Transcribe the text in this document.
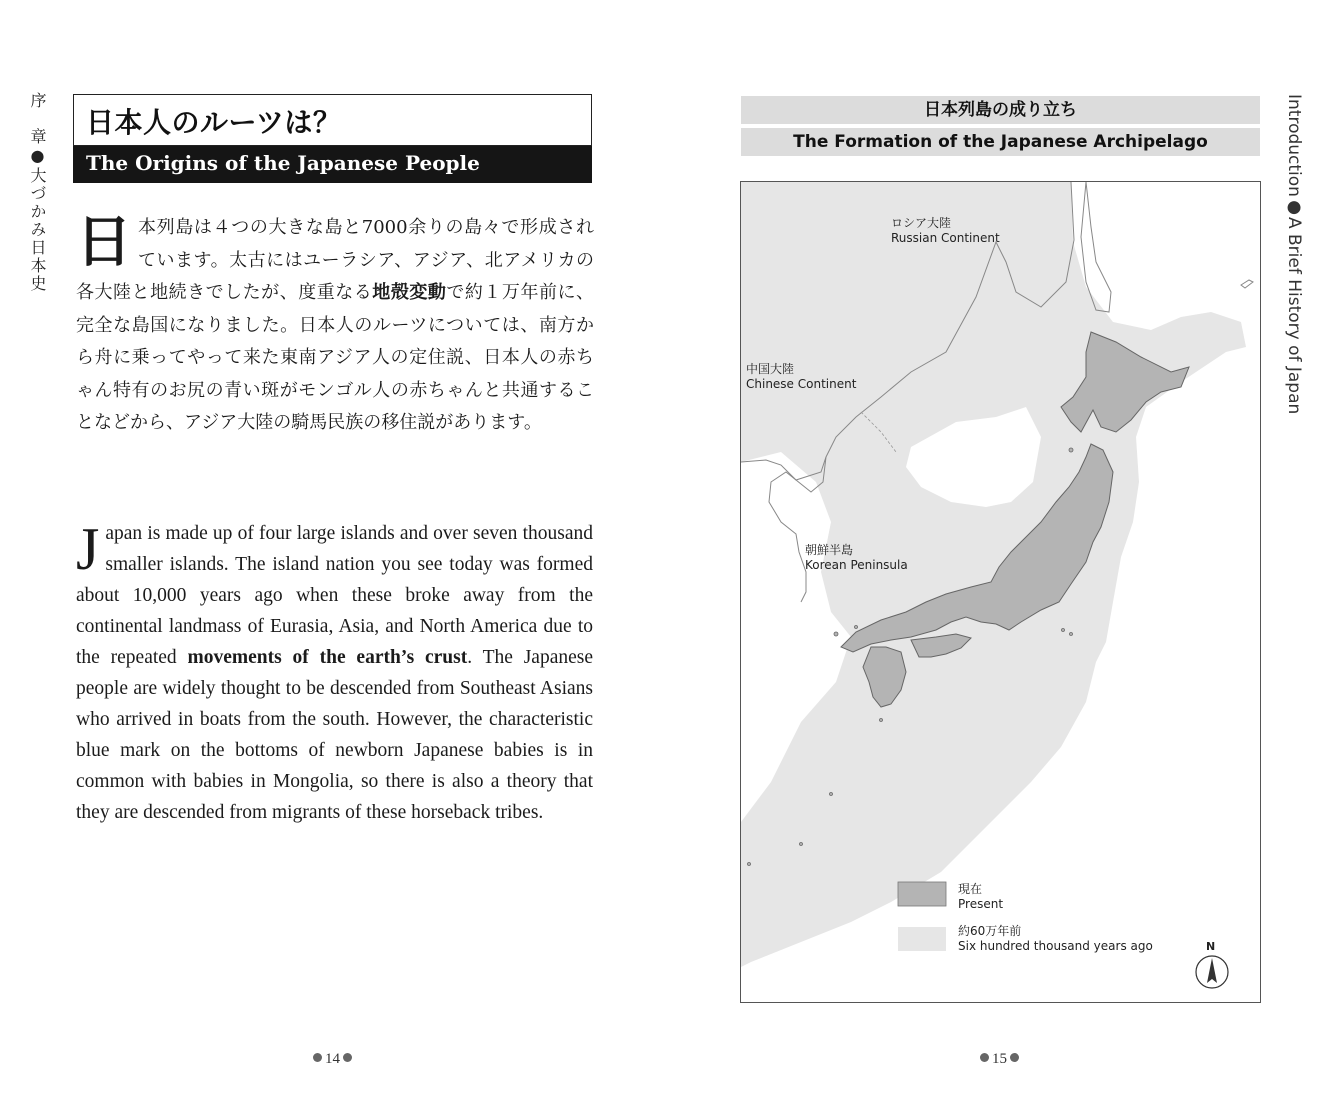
序　章●大づかみ日本史	Introduction●A Brief History of Japan
日本人のルーツは？
The Origins of the Japanese People
日本列島は４つの大きな島と7000余りの島々で形成されています。太古にはユーラシア、アジア、北アメリカの各大陸と地続きでしたが、度重なる地殻変動で約１万年前に、完全な島国になりました。日本人のルーツについては、南方から舟に乗ってやって来た東南アジア人の定住説、日本人の赤ちゃん特有のお尻の青い斑がモンゴル人の赤ちゃんと共通することなどから、アジア大陸の騎馬民族の移住説があります。
Japan is made up of four large islands and over seven thousand smaller islands. The island nation you see today was formed about 10,000 years ago when these broke away from the continental landmass of Eurasia, Asia, and North America due to the repeated movements of the earth’s crust. The Japanese people are widely thought to be descended from Southeast Asians who arrived in boats from the south. However, the characteristic blue mark on the bottoms of newborn Japanese babies is in common with babies in Mongolia, so there is also a theory that they are descended from migrants of these horseback tribes.
14
日本列島の成り立ち
The Formation of the Japanese Archipelago
ロシア大陸
Russian Continent
中国大陸
Chinese Continent
朝鮮半島
Korean Peninsula
現在
Present
約60万年前
Six hundred thousand years ago	N
15
